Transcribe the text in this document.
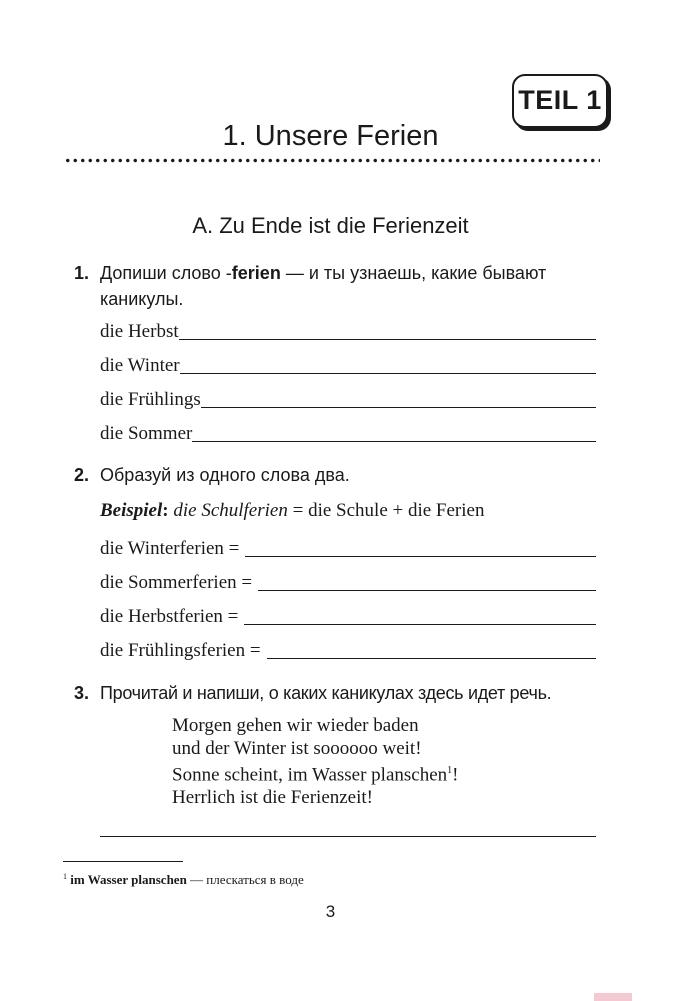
TEIL 1
1. Unsere Ferien
A. Zu Ende ist die Ferienzeit
1. Допиши слово -ferien — и ты узнаешь, какие бывают
каникулы.
die Herbst
die Winter
die Frühlings
die Sommer
2. Образуй из одного слова два.
Beispiel: die Schulferien = die Schule + die Ferien
die Winterferien =
die Sommerferien =
die Herbstferien =
die Frühlingsferien =
3. Прочитай и напиши, о каких каникулах здесь идет речь.
Morgen gehen wir wieder baden
und der Winter ist soooooo weit!
Sonne scheint, im Wasser planschen$^1$!
Herrlich ist die Ferienzeit!
$^1$ im Wasser planschen — плескаться в воде
3
